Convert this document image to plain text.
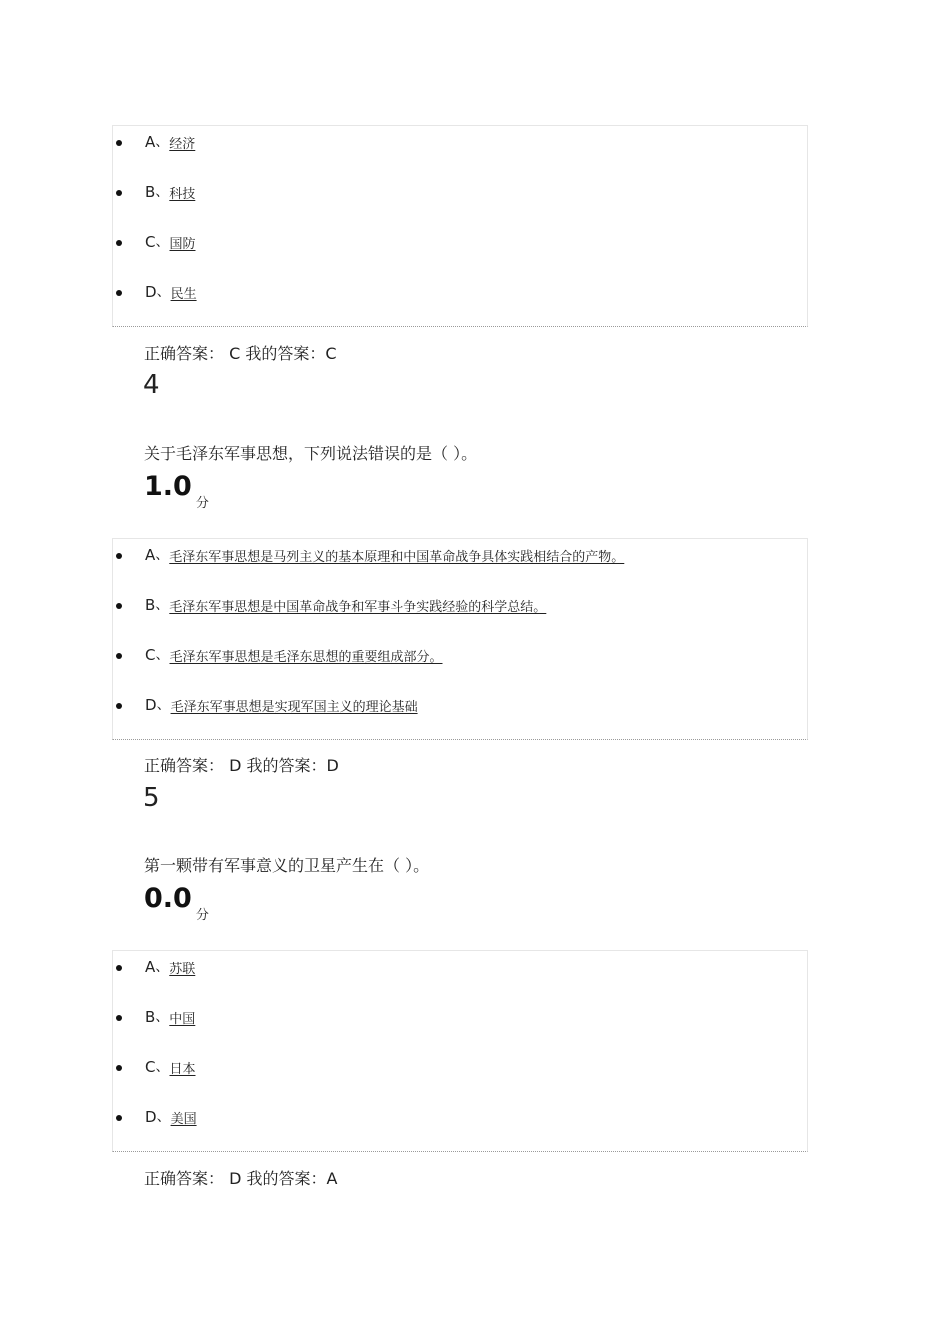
A、经济
B、科技
C、国防
D、民生
正确答案： C 我的答案：C
4
关于毛泽东军事思想，下列说法错误的是（ ）。
$1.0_分$
A、毛泽东军事思想是马列主义的基本原理和中国革命战争具体实践相结合的产物。
B、毛泽东军事思想是中国革命战争和军事斗争实践经验的科学总结。
C、毛泽东军事思想是毛泽东思想的重要组成部分。
D、毛泽东军事思想是实现军国主义的理论基础
正确答案： D 我的答案：D
5
第一颗带有军事意义的卫星产生在（ ）。
$0.0_分$
A、苏联
B、中国
C、日本
D、美国
正确答案： D 我的答案：A
